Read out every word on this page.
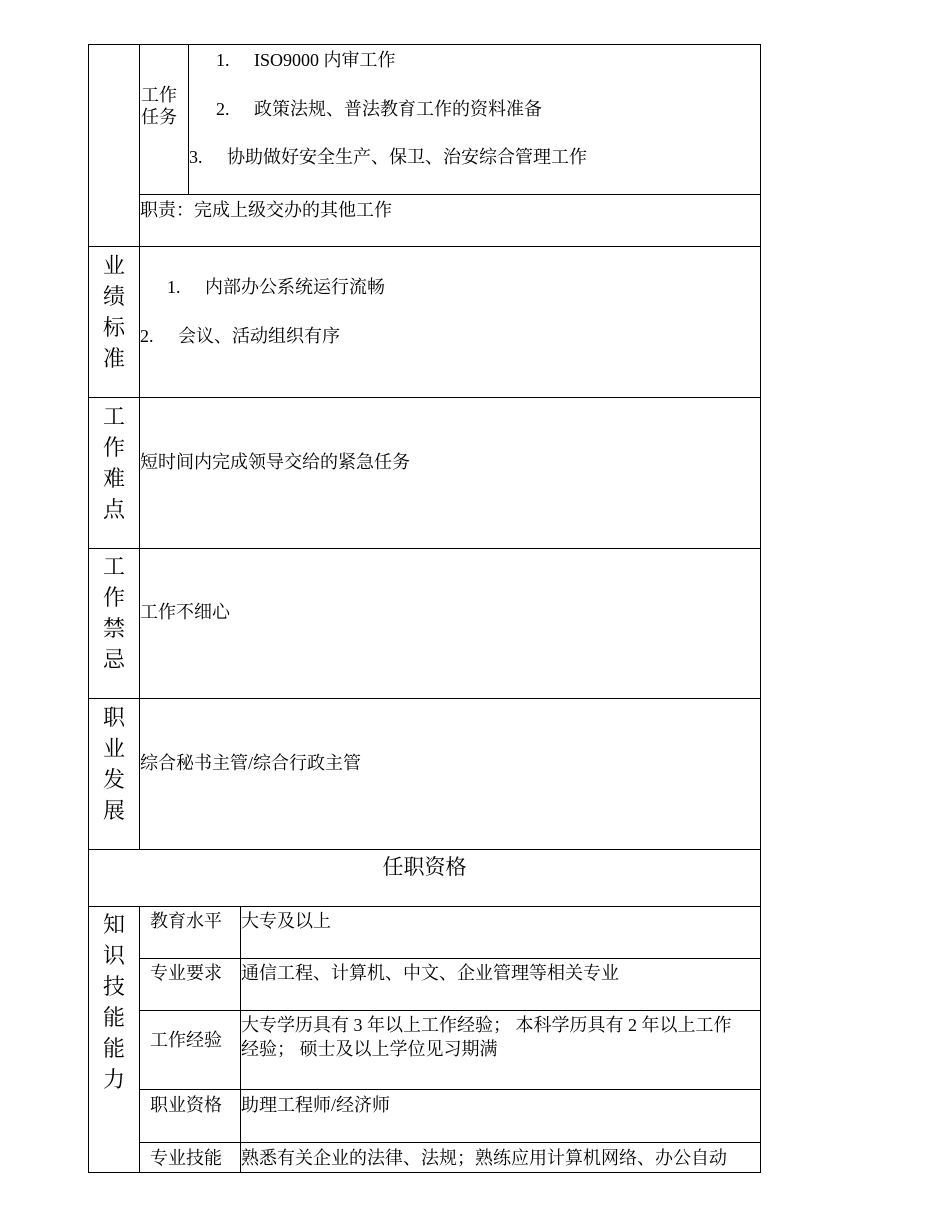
工作任务
1. ISO9000 内审工作
2. 政策法规、普法教育工作的资料准备
3. 协助做好安全生产、保卫、治安综合管理工作
职责：完成上级交办的其他工作
业绩标准
1. 内部办公系统运行流畅
2. 会议、活动组织有序
工作难点
短时间内完成领导交给的紧急任务
工作禁忌
工作不细心
职业发展
综合秘书主管/综合行政主管
任职资格
知识技能能力
教育水平 大专及以上
专业要求 通信工程、计算机、中文、企业管理等相关专业
工作经验
大专学历具有 3 年以上工作经验； 本科学历具有 2 年以上工作经验； 硕士及以上学位见习期满
职业资格 助理工程师/经济师
专业技能 熟悉有关企业的法律、法规；熟练应用计算机网络、办公自动
